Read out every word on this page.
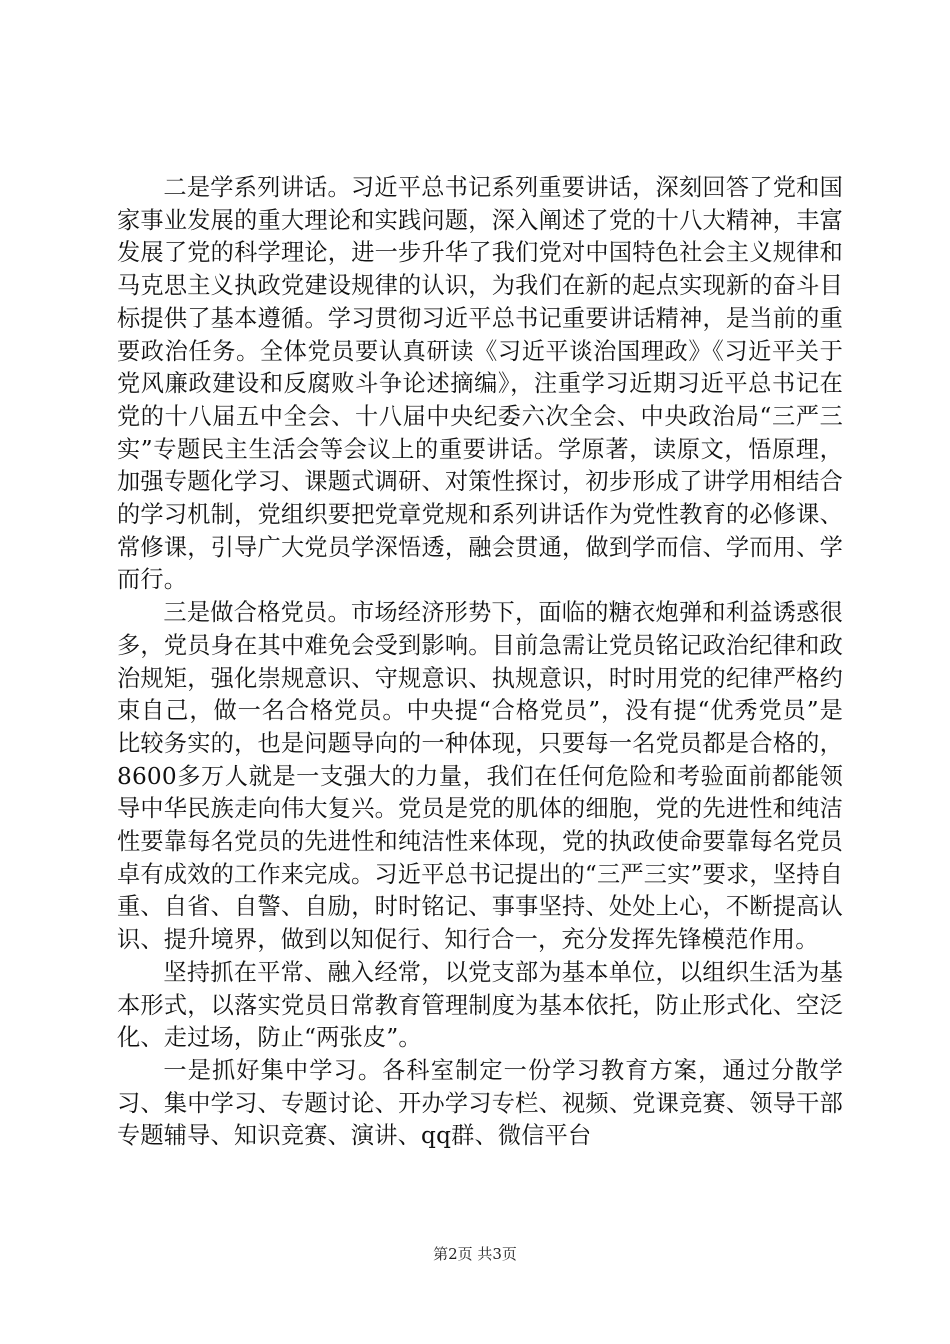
二是学系列讲话。习近平总书记系列重要讲话，深刻回答了党和国家事业发展的重大理论和实践问题，深入阐述了党的十八大精神，丰富发展了党的科学理论，进一步升华了我们党对中国特色社会主义规律和马克思主义执政党建设规律的认识，为我们在新的起点实现新的奋斗目标提供了基本遵循。学习贯彻习近平总书记重要讲话精神，是当前的重要政治任务。全体党员要认真研读《习近平谈治国理政》《习近平关于党风廉政建设和反腐败斗争论述摘编》，注重学习近期习近平总书记在党的十八届五中全会、十八届中央纪委六次全会、中央政治局“三严三实”专题民主生活会等会议上的重要讲话。学原著，读原文，悟原理，加强专题化学习、课题式调研、对策性探讨，初步形成了讲学用相结合的学习机制，党组织要把党章党规和系列讲话作为党性教育的必修课、常修课，引导广大党员学深悟透，融会贯通，做到学而信、学而用、学而行。

三是做合格党员。市场经济形势下，面临的糖衣炮弹和利益诱惑很多，党员身在其中难免会受到影响。目前急需让党员铭记政治纪律和政治规矩，强化崇规意识、守规意识、执规意识，时时用党的纪律严格约束自己，做一名合格党员。中央提“合格党员”，没有提“优秀党员”是比较务实的，也是问题导向的一种体现，只要每一名党员都是合格的，8600多万人就是一支强大的力量，我们在任何危险和考验面前都能领导中华民族走向伟大复兴。党员是党的肌体的细胞，党的先进性和纯洁性要靠每名党员的先进性和纯洁性来体现，党的执政使命要靠每名党员卓有成效的工作来完成。习近平总书记提出的“三严三实”要求，坚持自重、自省、自警、自励，时时铭记、事事坚持、处处上心，不断提高认识、提升境界，做到以知促行、知行合一，充分发挥先锋模范作用。

坚持抓在平常、融入经常，以党支部为基本单位，以组织生活为基本形式，以落实党员日常教育管理制度为基本依托，防止形式化、空泛化、走过场，防止“两张皮”。

一是抓好集中学习。各科室制定一份学习教育方案，通过分散学习、集中学习、专题讨论、开办学习专栏、视频、党课竞赛、领导干部专题辅导、知识竞赛、演讲、qq群、微信平台

第2页 共3页
